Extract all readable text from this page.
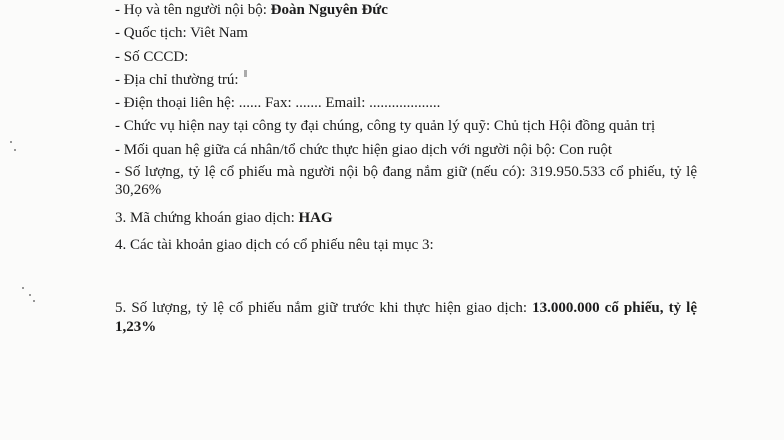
- Họ và tên người nội bộ: Đoàn Nguyên Đức
- Quốc tịch: Viêt Nam
- Số CCCD:
- Địa chỉ thường trú:
- Điện thoại liên hệ: ...... Fax: ....... Email: ...................
- Chức vụ hiện nay tại công ty đại chúng, công ty quản lý quỹ: Chủ tịch Hội đồng quản trị
- Mối quan hệ giữa cá nhân/tổ chức thực hiện giao dịch với người nội bộ: Con ruột
- Số lượng, tỷ lệ cổ phiếu mà người nội bộ đang nắm giữ (nếu có): 319.950.533 cổ phiếu, tỷ lệ
30,26%
3. Mã chứng khoán giao dịch: HAG
4. Các tài khoản giao dịch có cổ phiếu nêu tại mục 3:
5. Số lượng, tỷ lệ cổ phiếu nắm giữ trước khi thực hiện giao dịch: 13.000.000 cổ phiếu, tỷ lệ
1,23%
